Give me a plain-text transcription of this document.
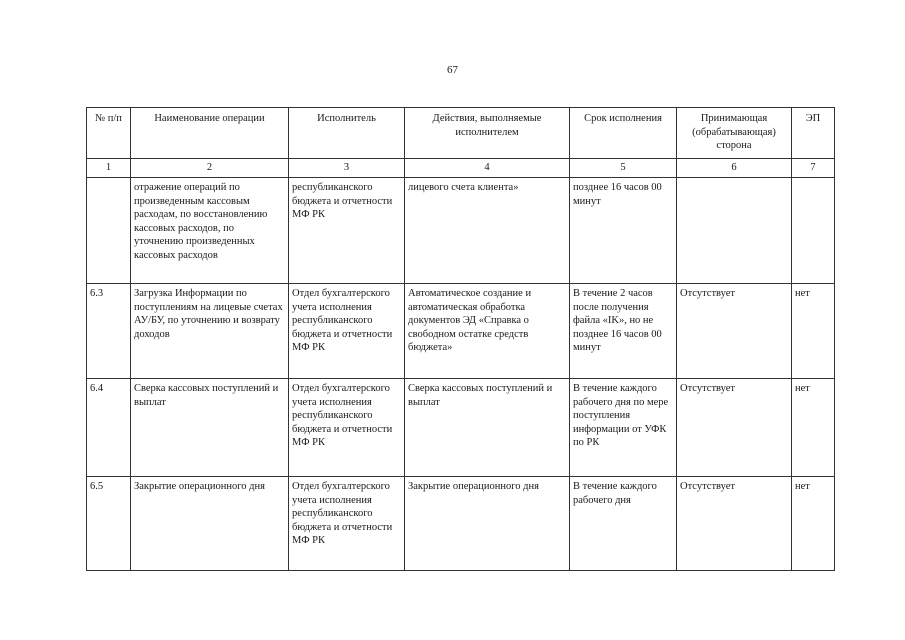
67
№ п/п	Наименование операции	Исполнитель	Действия, выполняемые исполнителем	Срок исполнения	Принимающая (обрабатывающая) сторона	ЭП
1	2	3	4	5	6	7
	отражение операций по произведенным кассовым расходам, по восстановлению кассовых расходов, по уточнению произведенных кассовых расходов	республиканского бюджета и отчетности МФ РК	лицевого счета клиента»	позднее 16 часов 00 минут		
6.3	Загрузка Информации по поступлениям на лицевые счетах АУ/БУ, по уточнению и возврату доходов	Отдел бухгалтерского учета исполнения республиканского бюджета и отчетности МФ РК	Автоматическое создание и автоматическая обработка документов ЭД «Справка о свободном остатке средств бюджета»	В течение 2 часов после получения файла «IK», но не позднее 16 часов 00 минут	Отсутствует	нет
6.4	Сверка кассовых поступлений и выплат	Отдел бухгалтерского учета исполнения республиканского бюджета и отчетности МФ РК	Сверка кассовых поступлений и выплат	В течение каждого рабочего дня по мере поступления информации от УФК по РК	Отсутствует	нет
6.5	Закрытие операционного дня	Отдел бухгалтерского учета исполнения республиканского бюджета и отчетности МФ РК	Закрытие операционного дня	В течение каждого рабочего дня	Отсутствует	нет
